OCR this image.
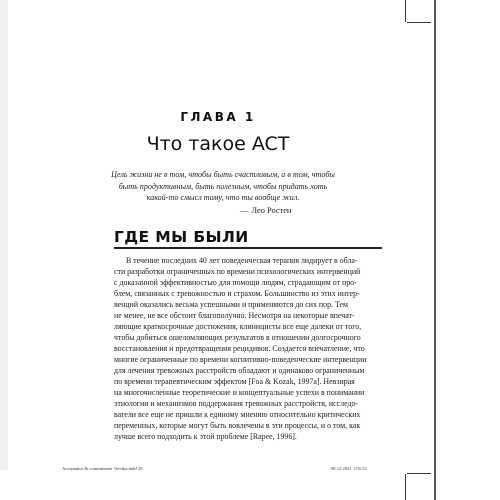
ГЛАВА 1
Что такое ACT
Цель жизни не в том, чтобы быть счастливым, а в том, чтобы
быть продуктивным, быть полезным, чтобы придать хоть
какой-то смысл тому, что ты вообще жил.
— Лео Ростен
ГДЕ МЫ БЫЛИ
В течение последних 40 лет поведенческая терапия лидирует в обла-
сти разработки ограниченных по времени психологических интервенций
с доказанной эффективностью для помощи людям, страдающим от про-
блем, связанных с тревожностью и страхом. Большинство из этих интер-
венций оказались весьма успешными и применяются до сих пор. Тем
не менее, не все обстоит благополучно. Несмотря на некоторые впечат-
ляющие краткосрочные достижения, клиницисты все еще далеки от того,
чтобы добиться ошеломляющих результатов в отношении долгосрочного
восстановления и предотвращения рецидивов. Создается впечатление, что
многие ограниченные по времени когнитивно-поведенческие интервенции
для лечения тревожных расстройств обладают и одинаково ограниченным
по времени терапевтическим эффектом [Foa & Kozak, 1997a]. Невзирая
на многочисленные теоретические и концептуальные успехи в понимании
этиологии и механизмов поддержания тревожных расстройств, исследо-
ватели все еще не пришли к единому мнению относительно критических
переменных, которые могут быть вовлечены в эти процессы, и о том, как
лучше всего подходить к этой проблеме [Rapee, 1996].
Acceptance & commitment Verstka.indd 29	08.12.2021 1:05:52
